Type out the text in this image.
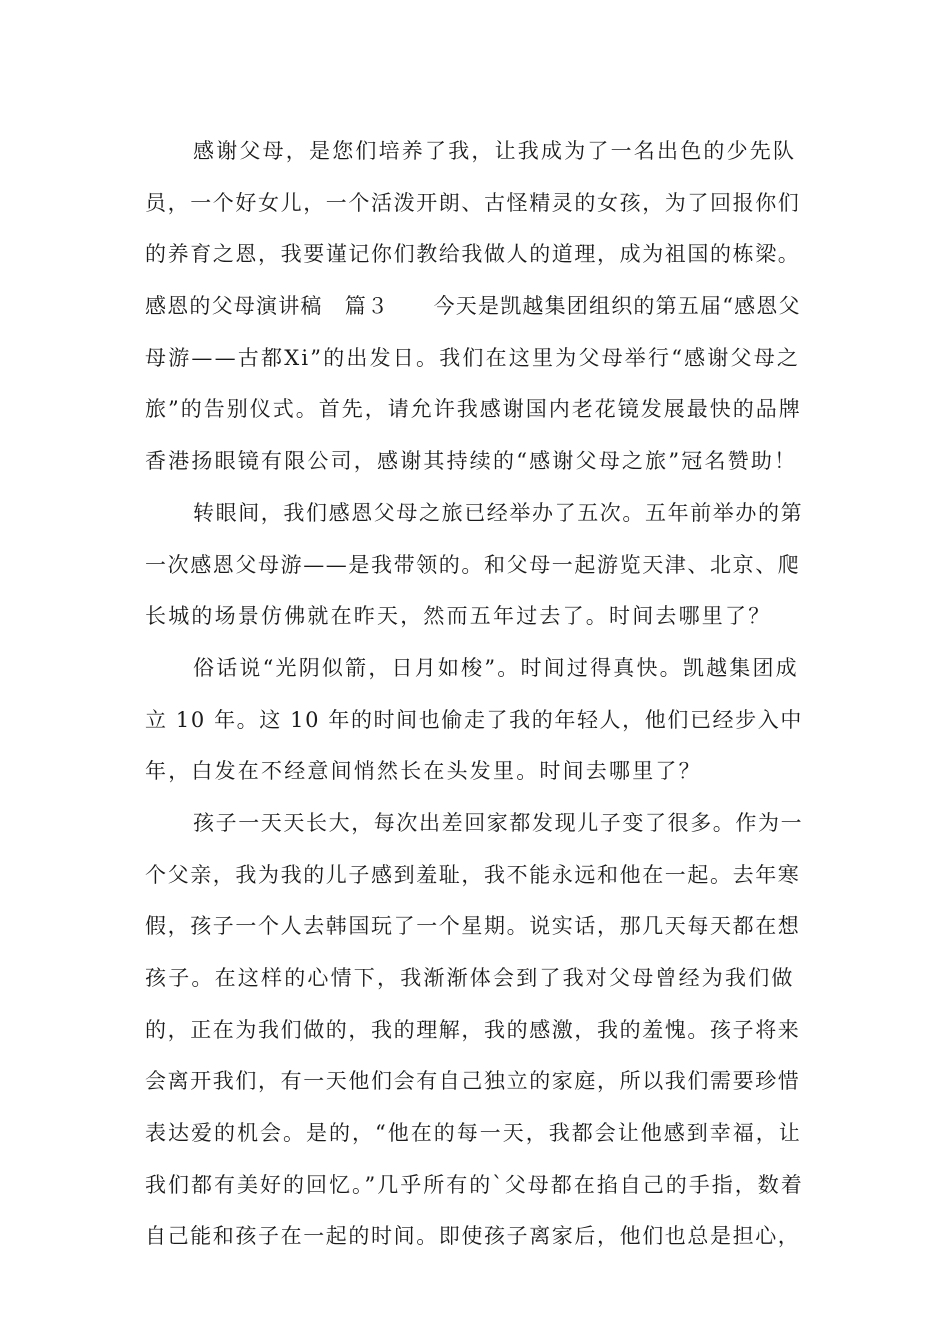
感谢父母，是您们培养了我，让我成为了一名出色的少先队
员，一个好女儿，一个活泼开朗、古怪精灵的女孩，为了回报你们
的养育之恩，我要谨记你们教给我做人的道理，成为祖国的栋梁。
感恩的父母演讲稿　篇３　　今天是凯越集团组织的第五届“感恩父
母游——古都Xi”的出发日。我们在这里为父母举行“感谢父母之
旅”的告别仪式。首先，请允许我感谢国内老花镜发展最快的品牌
香港扬眼镜有限公司，感谢其持续的“感谢父母之旅”冠名赞助！
转眼间，我们感恩父母之旅已经举办了五次。五年前举办的第
一次感恩父母游——是我带领的。和父母一起游览天津、北京、爬
长城的场景仿佛就在昨天，然而五年过去了。时间去哪里了？
俗话说“光阴似箭，日月如梭”。时间过得真快。凯越集团成
立 10 年。这 10 年的时间也偷走了我的年轻人，他们已经步入中
年，白发在不经意间悄然长在头发里。时间去哪里了？
孩子一天天长大，每次出差回家都发现儿子变了很多。作为一
个父亲，我为我的儿子感到羞耻，我不能永远和他在一起。去年寒
假，孩子一个人去韩国玩了一个星期。说实话，那几天每天都在想
孩子。在这样的心情下，我渐渐体会到了我对父母曾经为我们做
的，正在为我们做的，我的理解，我的感激，我的羞愧。孩子将来
会离开我们，有一天他们会有自己独立的家庭，所以我们需要珍惜
表达爱的机会。是的，“他在的每一天，我都会让他感到幸福，让
我们都有美好的回忆。”几乎所有的`父母都在掐自己的手指，数着
自己能和孩子在一起的时间。即使孩子离家后，他们也总是担心，
